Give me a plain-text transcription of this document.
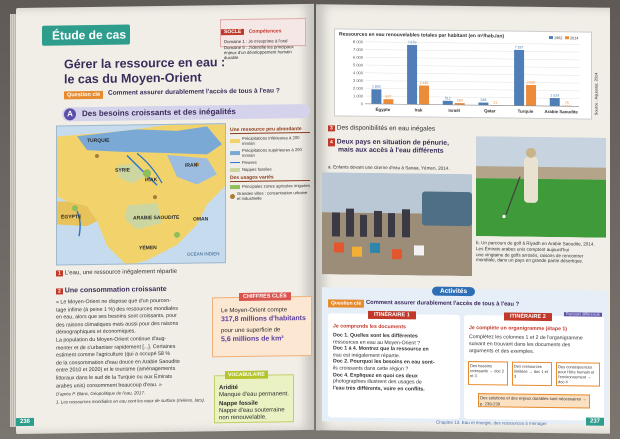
Étude de cas	SOCLE Compétences
Domaine 1 : Je m'exprime à l'oral
Domaine 5 : J'identifie les principaux enjeux d'un développement humain durable
Gérer la ressource en eau :
le cas du Moyen-Orient
Question clé	Comment assurer durablement l'accès de tous à l'eau ?
A	Des besoins croissants et des inégalités
TURQUIE
IRAK
IRAN
SYRIE
ÉGYPTE	ARABIE SAOUDITE
YÉMEN
OMAN
OCÉAN INDIEN
Une ressource peu abondante
Précipitations inférieures à 200 mm/an
Précipitations supérieures à 200 mm/an
Fleuves
Nappes fossiles
Des usages variés
Principales zones agricoles irriguées
Grandes villes : concentration urbaine et industrielle
1 L'eau, une ressource inégalement répartie
2 Une consommation croissante
« Le Moyen-Orient ne dispose que d'un pourcen-
tage infime (à peine 1 %) des ressources mondiales
en eau, alors que ses besoins sont croissants, pour
des raisons climatiques mais aussi pour des raisons
démographiques et économiques.
La population du Moyen-Orient continue d'aug-
menter et de s'urbaniser rapidement [...]. Certaines
estiment comme l'agriculture (qui a occupé 58 %
de la consommation d'eau douce en Arabie Saoudite
entre 2010 et 2020) et le tourisme (aménagements
littoraux dans le sud de la Turquie ou aux Émirats
arabes unis) consomment beaucoup d'eau. »
D'après P. Blanc, Géopolitique de l'eau, 2017.
1. Les ressources mondiales en eau sont les eaux de surface (rivières, lacs).
CHIFFRES CLÉS
Le Moyen-Orient compte
317,8 millions d'habitants
pour une superficie de
5,6 millions de km²
VOCABULAIRE
Aridité
Manque d'eau permanent.
Nappe fossile
Nappe d'eau souterraine non renouvelable.
236
Ressources en eau renouvelables totales par habitant (en m³/hab./an)
0
1 000
2 000
3 000
4 000
5 000
6 000
7 000
8 000
1 893
637
Égypte
7 670
2 446
Irak
512
250
Israël
348
21
Qatar
7 187
2 690
Turquie
1 034
75
Arabie Saoudite
1962 2014
Source : Aquastat, 2014
3 Des disponibilités en eau inégales
4 Deux pays en situation de pénurie,
mais aux accès à l'eau différents
a. Enfants devant une citerne d'eau à Sanaa, Yémen, 2014.
b. Un parcours de golf à Riyadh en Arabie Saoudite, 2014.
Les Émirats arabes unis comptent aujourd'hui
une vingtaine de golfs arrosés, raisons de rencontrer
mondiale, dans un pays en grande partie désertique.
Activités
Question clé Comment assurer durablement l'accès de tous à l'eau ?
ITINÉRAIRE 1
Je comprends les documents
Doc 1. Quelles sont les différentes
ressources en eau au Moyen-Orient ?
Doc 1 à 4. Montrez que la ressource en
eau est inégalement répartie.
Doc 2. Pourquoi les besoins en eau sont-
ils croissants dans cette région ?
Doc 4. Expliquez en quoi ces deux
photographies illustrent des usages de
l'eau très différents, voire en conflits.
ITINÉRAIRE 2	Parcours différencié
Je complète un organigramme (étape 1)
Complétez les colonnes 1 et 2 de l'organigramme
suivant en trouvant dans les documents des
arguments et des exemples.
Des besoins croissants → doc 2 et 3
Des ressources limitées → doc 1 et 3
Des conséquences pour l'être humain et l'environnement → doc 4
Des solutions et des enjeux durables sont nécessaires → p. 238-239
Chapitre 13. Eau et énergie, des ressources à ménager	237
